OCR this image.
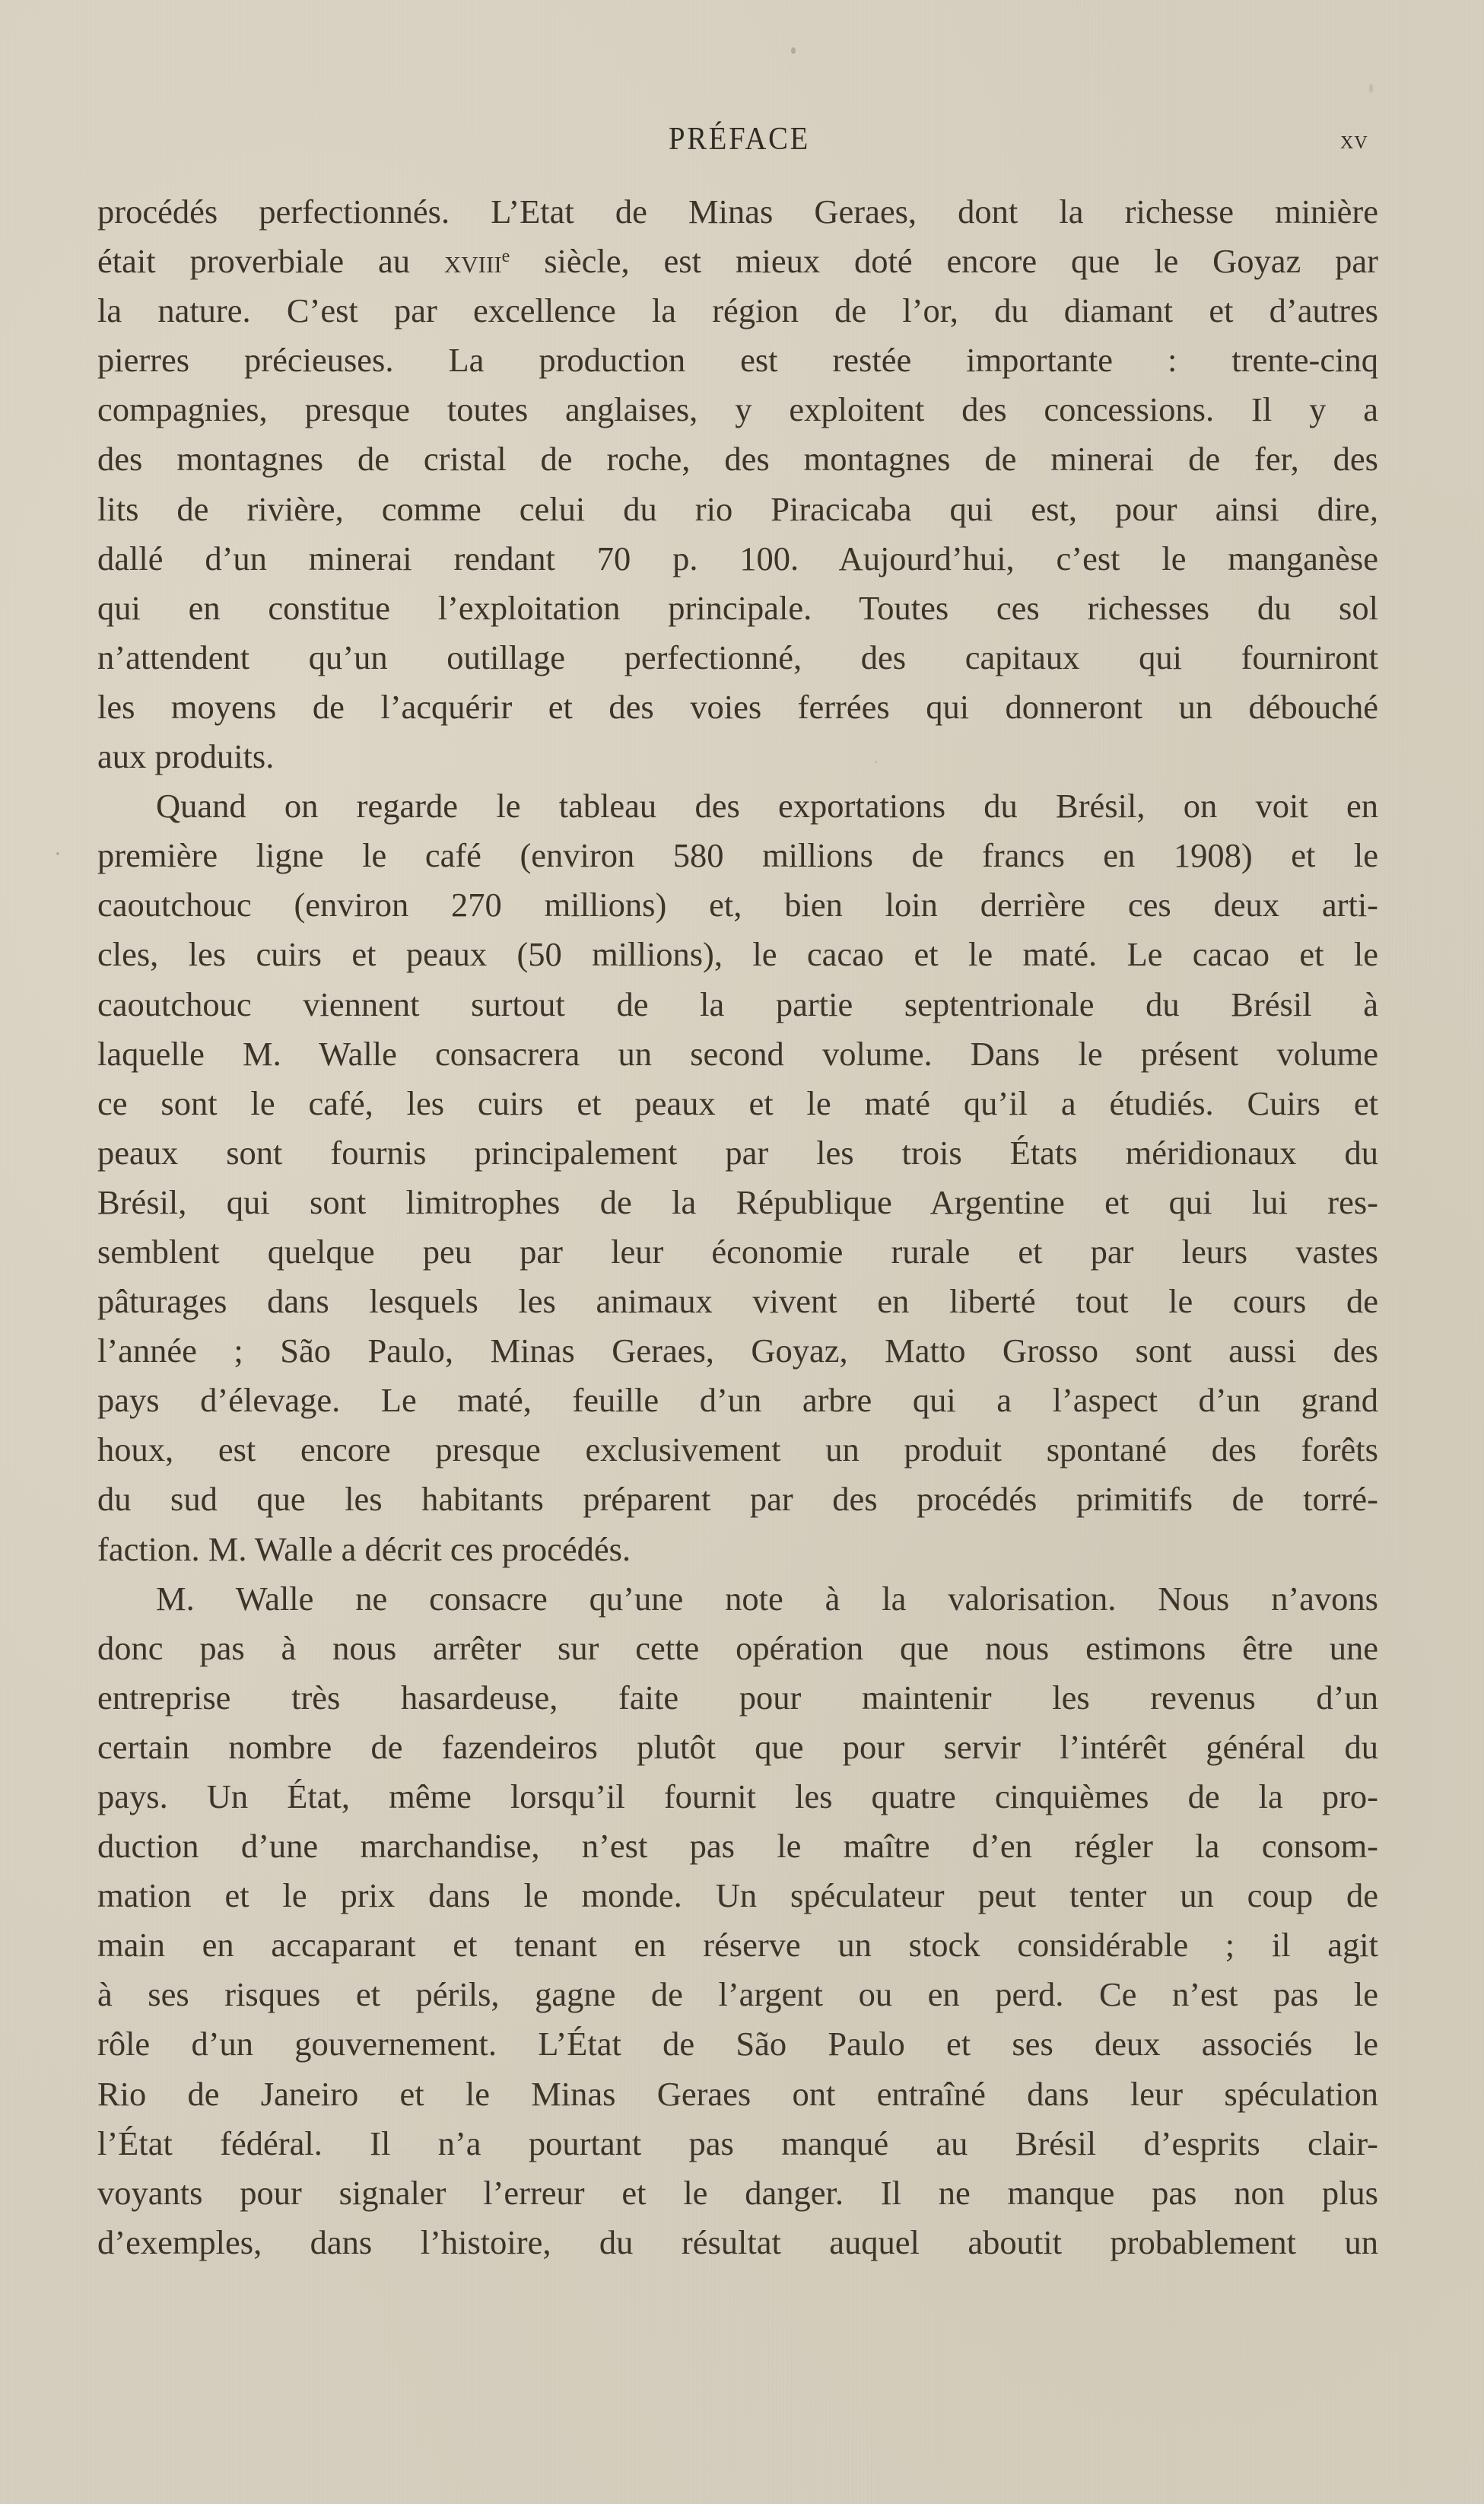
PRÉFACE	xv
procédés perfectionnés. L’Etat de Minas Geraes, dont la richesse minière
était proverbiale au xviii$^e$ siècle, est mieux doté encore que le Goyaz par
la nature. C’est par excellence la région de l’or, du diamant et d’autres
pierres précieuses. La production est restée importante : trente-cinq
compagnies, presque toutes anglaises, y exploitent des concessions. Il y a
des montagnes de cristal de roche, des montagnes de minerai de fer, des
lits de rivière, comme celui du rio Piracicaba qui est, pour ainsi dire,
dallé d’un minerai rendant 70 p. 100. Aujourd’hui, c’est le manganèse
qui en constitue l’exploitation principale. Toutes ces richesses du sol
n’attendent qu’un outillage perfectionné, des capitaux qui fourniront
les moyens de l’acquérir et des voies ferrées qui donneront un débouché
aux produits.
Quand on regarde le tableau des exportations du Brésil, on voit en
première ligne le café (environ 580 millions de francs en 1908) et le
caoutchouc (environ 270 millions) et, bien loin derrière ces deux arti-
cles, les cuirs et peaux (50 millions), le cacao et le maté. Le cacao et le
caoutchouc viennent surtout de la partie septentrionale du Brésil à
laquelle M. Walle consacrera un second volume. Dans le présent volume
ce sont le café, les cuirs et peaux et le maté qu’il a étudiés. Cuirs et
peaux sont fournis principalement par les trois États méridionaux du
Brésil, qui sont limitrophes de la République Argentine et qui lui res-
semblent quelque peu par leur économie rurale et par leurs vastes
pâturages dans lesquels les animaux vivent en liberté tout le cours de
l’année ; São Paulo, Minas Geraes, Goyaz, Matto Grosso sont aussi des
pays d’élevage. Le maté, feuille d’un arbre qui a l’aspect d’un grand
houx, est encore presque exclusivement un produit spontané des forêts
du sud que les habitants préparent par des procédés primitifs de torré-
faction. M. Walle a décrit ces procédés.
M. Walle ne consacre qu’une note à la valorisation. Nous n’avons
donc pas à nous arrêter sur cette opération que nous estimons être une
entreprise très hasardeuse, faite pour maintenir les revenus d’un
certain nombre de fazendeiros plutôt que pour servir l’intérêt général du
pays. Un État, même lorsqu’il fournit les quatre cinquièmes de la pro-
duction d’une marchandise, n’est pas le maître d’en régler la consom-
mation et le prix dans le monde. Un spéculateur peut tenter un coup de
main en accaparant et tenant en réserve un stock considérable ; il agit
à ses risques et périls, gagne de l’argent ou en perd. Ce n’est pas le
rôle d’un gouvernement. L’État de São Paulo et ses deux associés le
Rio de Janeiro et le Minas Geraes ont entraîné dans leur spéculation
l’État fédéral. Il n’a pourtant pas manqué au Brésil d’esprits clair-
voyants pour signaler l’erreur et le danger. Il ne manque pas non plus
d’exemples, dans l’histoire, du résultat auquel aboutit probablement un
